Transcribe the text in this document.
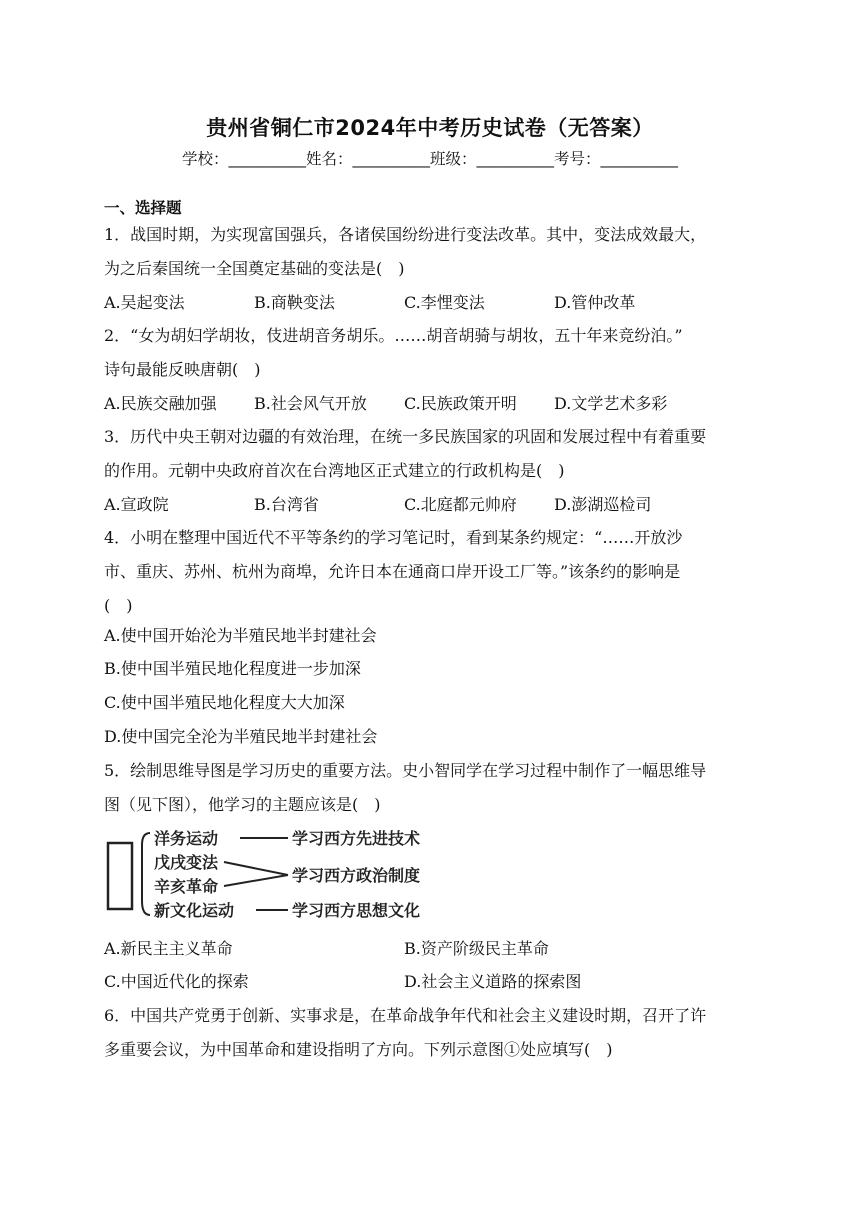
贵州省铜仁市2024年中考历史试卷（无答案）
学校：__________姓名：__________班级：__________考号：__________
一、选择题
1．战国时期，为实现富国强兵，各诸侯国纷纷进行变法改革。其中，变法成效最大，
为之后秦国统一全国奠定基础的变法是(　)
A.吴起变法	B.商鞅变法	C.李悝变法	D.管仲改革
2．“女为胡妇学胡妆，伎进胡音务胡乐。……胡音胡骑与胡妆，五十年来竞纷泊。”
诗句最能反映唐朝(　)
A.民族交融加强 B.社会风气开放 C.民族政策开明 D.文学艺术多彩
3．历代中央王朝对边疆的有效治理，在统一多民族国家的巩固和发展过程中有着重要
的作用。元朝中央政府首次在台湾地区正式建立的行政机构是(　)
A.宣政院	B.台湾省	C.北庭都元帅府 D.澎湖巡检司
4．小明在整理中国近代不平等条约的学习笔记时，看到某条约规定：“……开放沙
市、重庆、苏州、杭州为商埠，允许日本在通商口岸开设工厂等。”该条约的影响是
(　)
A.使中国开始沦为半殖民地半封建社会
B.使中国半殖民地化程度进一步加深
C.使中国半殖民地化程度大大加深
D.使中国完全沦为半殖民地半封建社会
5．绘制思维导图是学习历史的重要方法。史小智同学在学习过程中制作了一幅思维导
图（见下图），他学习的主题应该是(　)
洋务运动
戊戌变法
辛亥革命
新文化运动
学习西方先进技术
学习西方政治制度
学习西方思想文化
A.新民主主义革命	B.资产阶级民主革命
C.中国近代化的探索	D.社会主义道路的探索图
6．中国共产党勇于创新、实事求是，在革命战争年代和社会主义建设时期，召开了许
多重要会议，为中国革命和建设指明了方向。下列示意图①处应填写(　)
